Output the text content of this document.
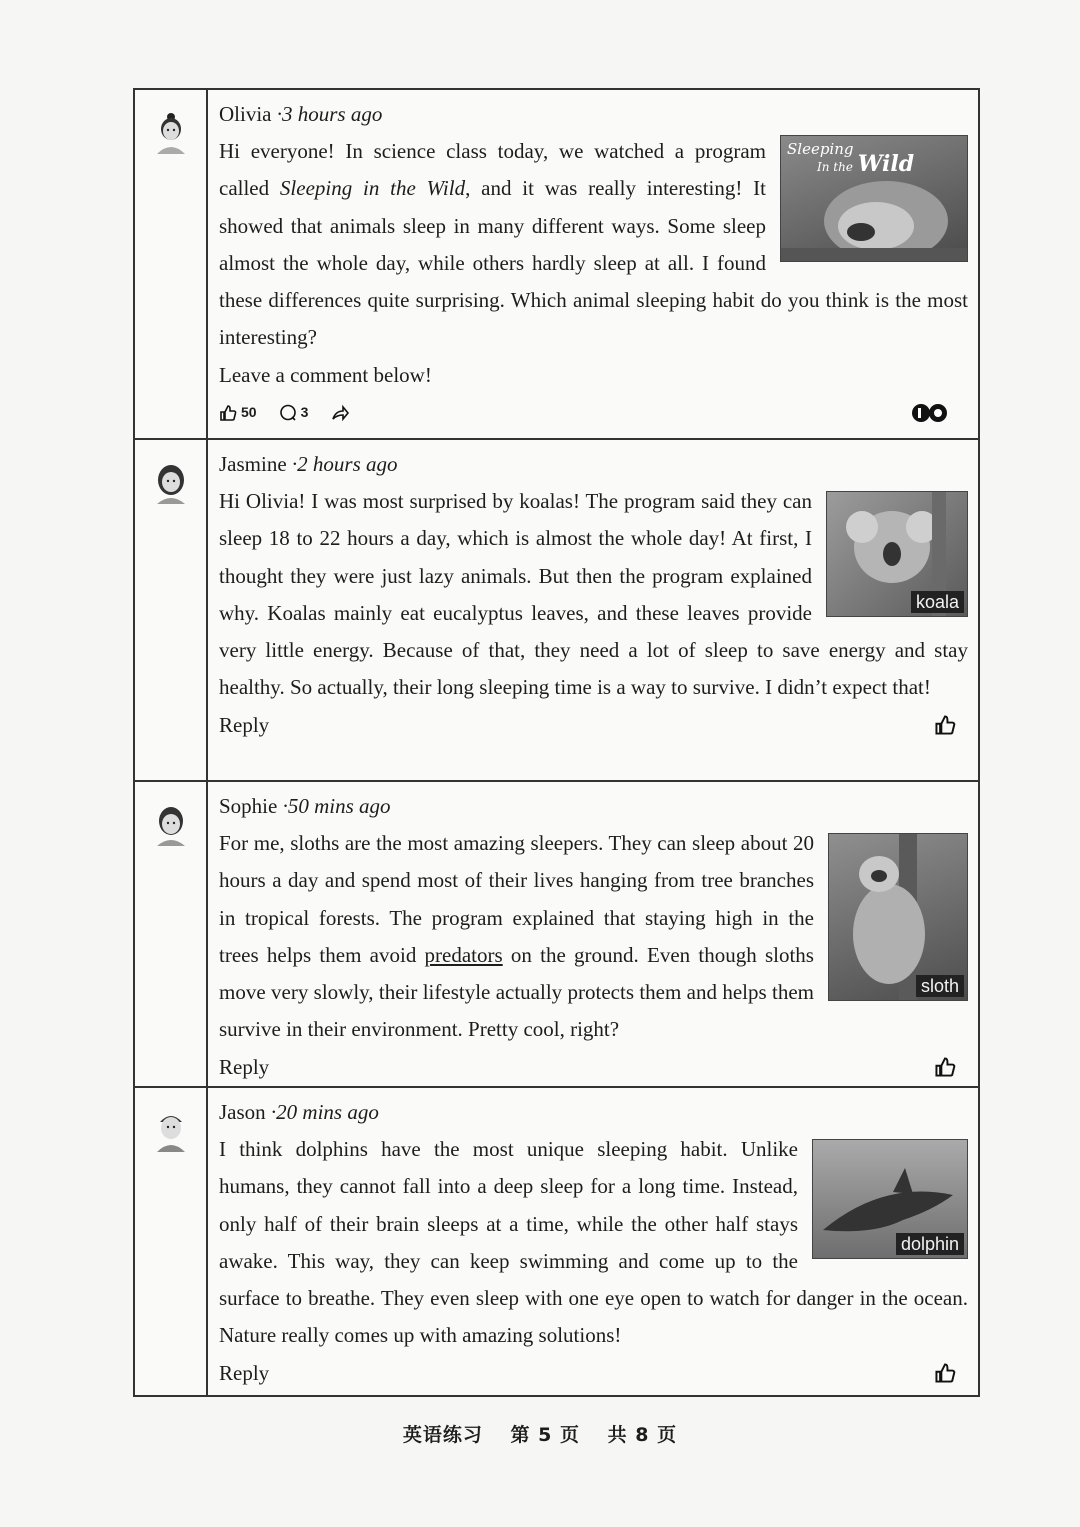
Olivia ·3 hours ago
Sleeping
In the Wild

Hi everyone! In science class today, we watched a program called Sleeping in the Wild, and it was really interesting! It showed that animals sleep in many different ways. Some sleep almost the whole day, while others hardly sleep at all. I found these differences quite surprising. Which animal sleeping habit do you think is the most interesting?

Leave a comment below!

50	3
Jasmine ·2 hours ago
koala

Hi Olivia! I was most surprised by koalas! The program said they can sleep 18 to 22 hours a day, which is almost the whole day! At first, I thought they were just lazy animals. But then the program explained why. Koalas mainly eat eucalyptus leaves, and these leaves provide very little energy. Because of that, they need a lot of sleep to save energy and stay healthy. So actually, their long sleeping time is a way to survive. I didn’t expect that!

Reply
Sophie ·50 mins ago
sloth

For me, sloths are the most amazing sleepers. They can sleep about 20 hours a day and spend most of their lives hanging from tree branches in tropical forests. The program explained that staying high in the trees helps them avoid predators on the ground. Even though sloths move very slowly, their lifestyle actually protects them and helps them survive in their environment. Pretty cool, right?

Reply
Jason ·20 mins ago
dolphin

I think dolphins have the most unique sleeping habit. Unlike humans, they cannot fall into a deep sleep for a long time. Instead, only half of their brain sleeps at a time, while the other half stays awake. This way, they can keep swimming and come up to the surface to breathe. They even sleep with one eye open to watch for danger in the ocean. Nature really comes up with amazing solutions!

Reply
英语练习 第 5 页 共 8 页
